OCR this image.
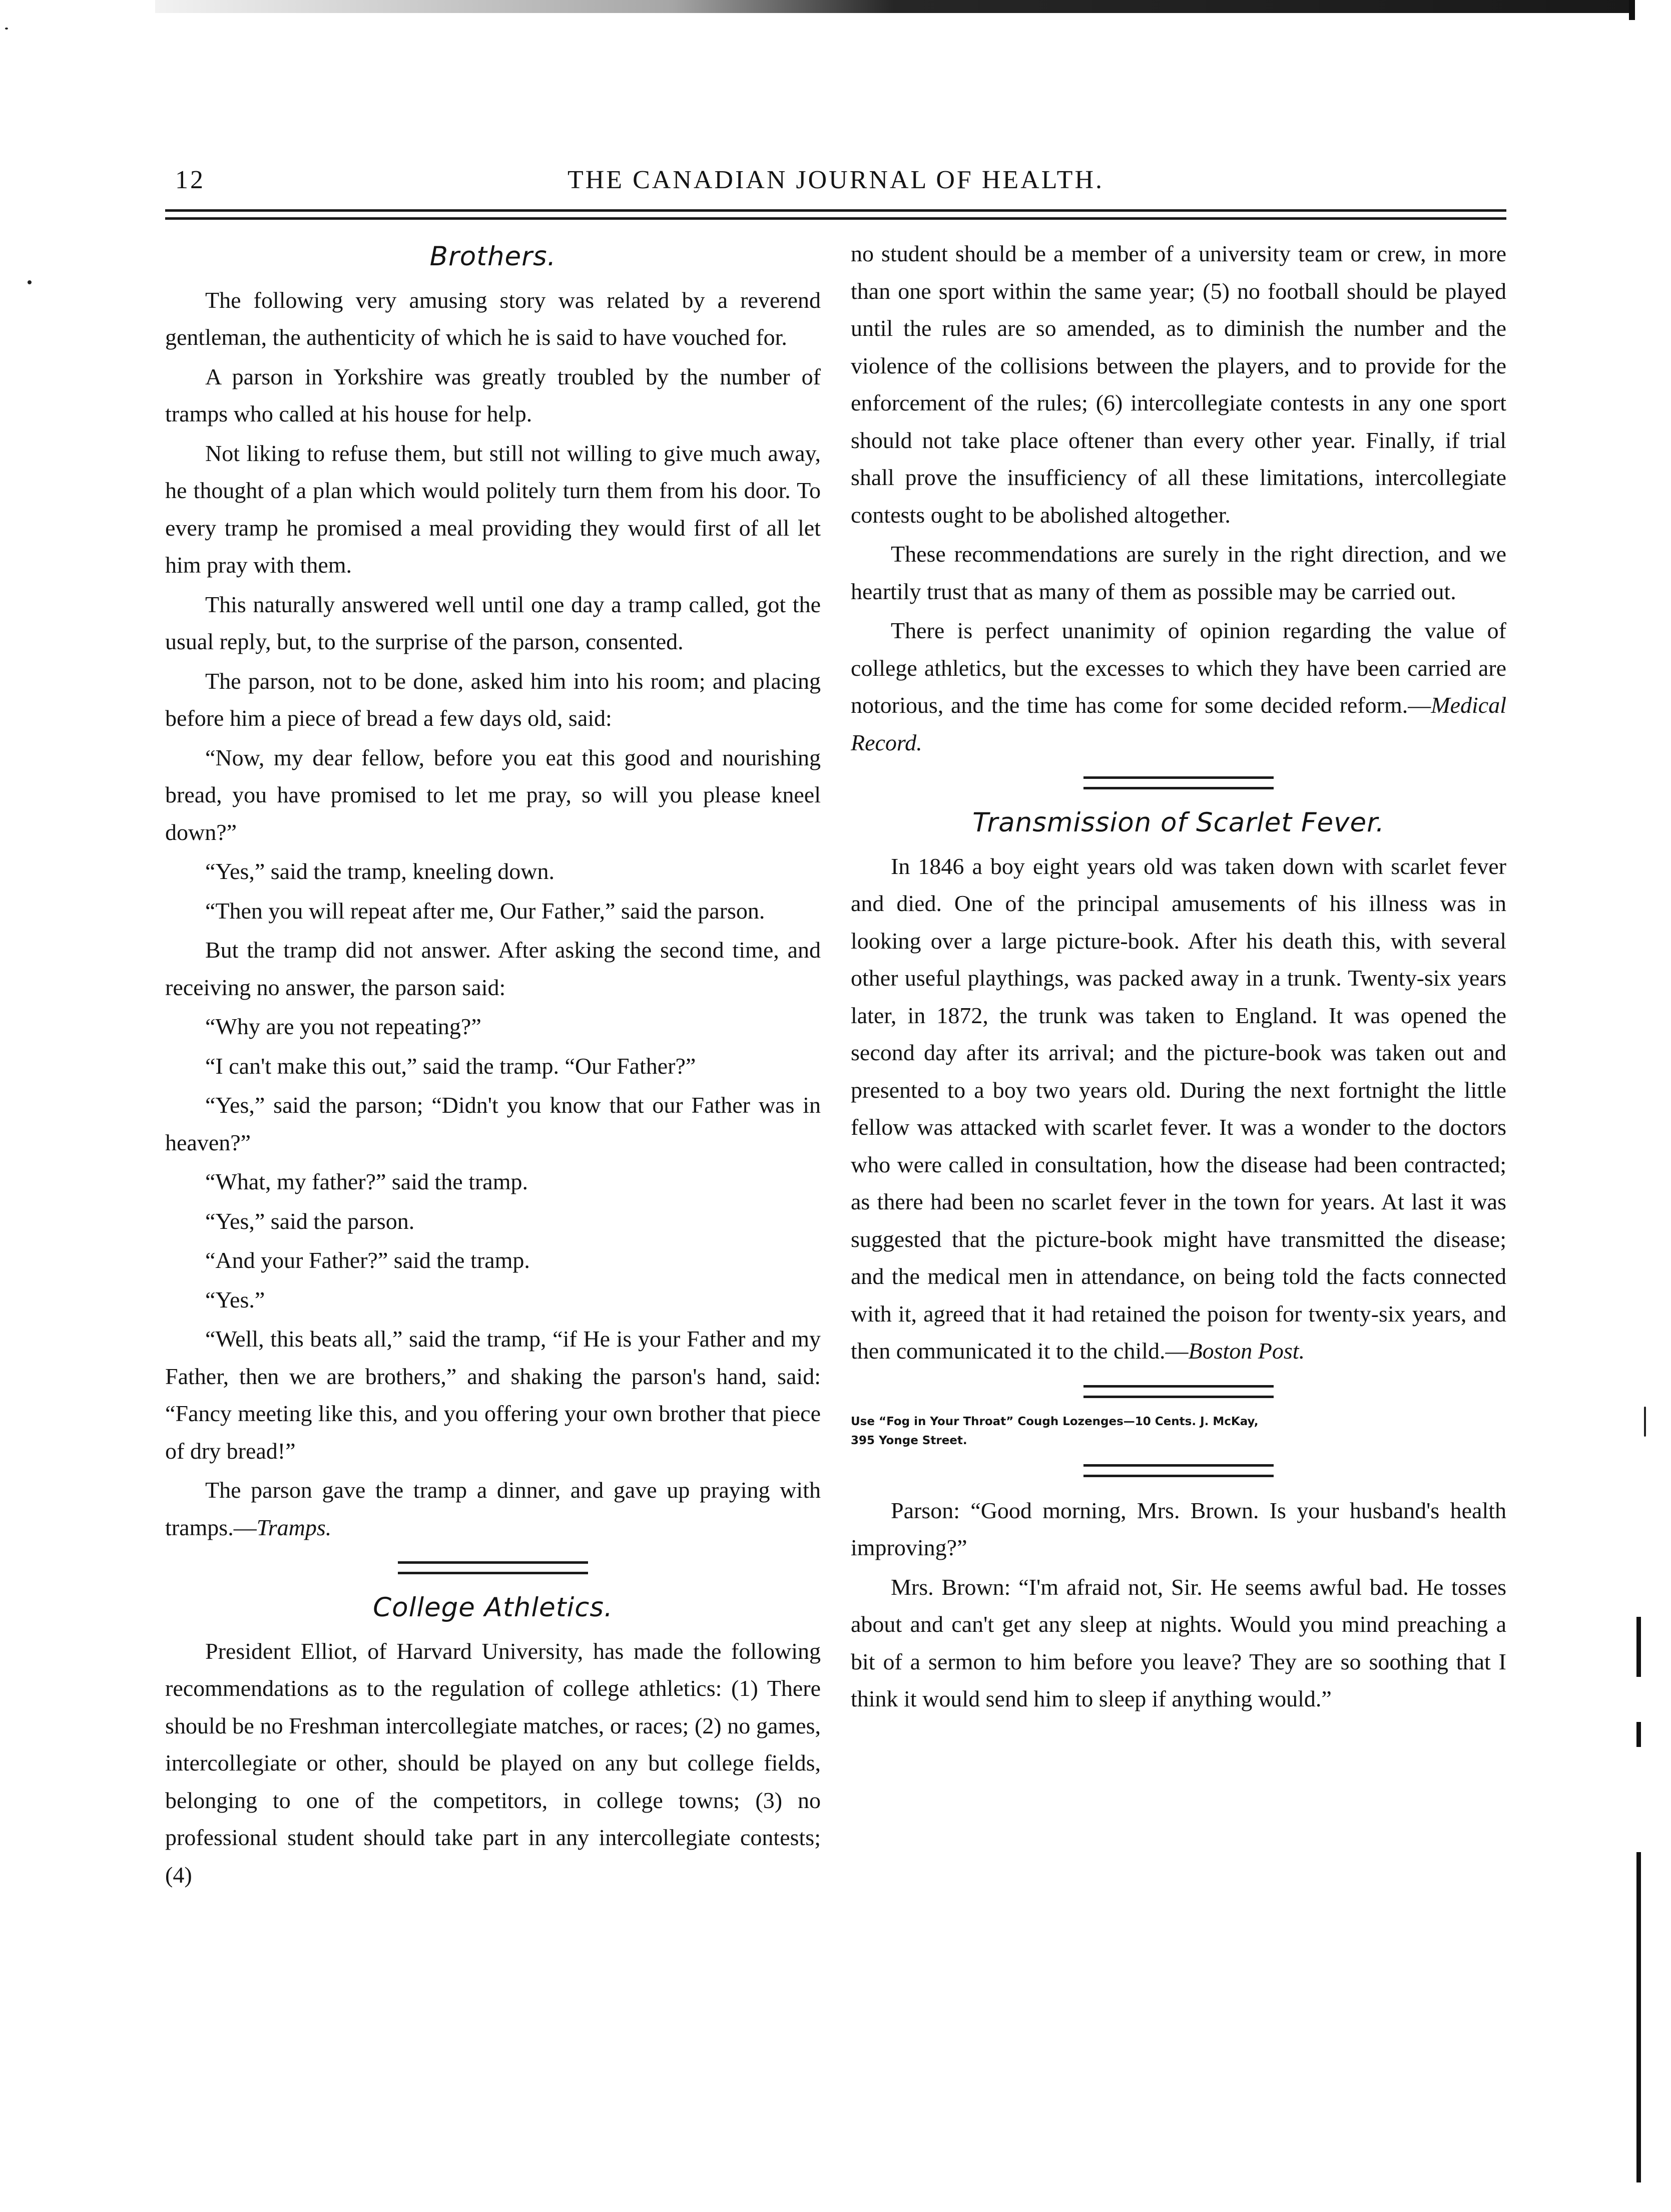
12	THE CANADIAN JOURNAL OF HEALTH.
Brothers.

The following very amusing story was related by a reverend gentleman, the authenticity of which he is said to have vouched for.

A parson in Yorkshire was greatly troubled by the number of tramps who called at his house for help.

Not liking to refuse them, but still not willing to give much away, he thought of a plan which would politely turn them from his door. To every tramp he promised a meal providing they would first of all let him pray with them.

This naturally answered well until one day a tramp called, got the usual reply, but, to the surprise of the parson, consented.

The parson, not to be done, asked him into his room; and placing before him a piece of bread a few days old, said:

“Now, my dear fellow, before you eat this good and nourishing bread, you have promised to let me pray, so will you please kneel down?”

“Yes,” said the tramp, kneeling down.

“Then you will repeat after me, Our Father,” said the parson.

But the tramp did not answer. After asking the second time, and receiving no answer, the parson said:

“Why are you not repeating?”

“I can't make this out,” said the tramp. “Our Father?”

“Yes,” said the parson; “Didn't you know that our Father was in heaven?”

“What, my father?” said the tramp.

“Yes,” said the parson.

“And your Father?” said the tramp.

“Yes.”

“Well, this beats all,” said the tramp, “if He is your Father and my Father, then we are brothers,” and shaking the parson's hand, said: “Fancy meeting like this, and you offering your own brother that piece of dry bread!”

The parson gave the tramp a dinner, and gave up praying with tramps.—Tramps.

College Athletics.

President Elliot, of Harvard University, has made the following recommendations as to the regulation of college athletics: (1) There should be no Freshman intercollegiate matches, or races; (2) no games, intercollegiate or other, should be played on any but college fields, belonging to one of the competitors, in college towns; (3) no professional student should take part in any intercollegiate contests; (4)

no student should be a member of a university team or crew, in more than one sport within the same year; (5) no football should be played until the rules are so amended, as to diminish the number and the violence of the collisions between the players, and to provide for the enforcement of the rules; (6) intercollegiate contests in any one sport should not take place oftener than every other year. Finally, if trial shall prove the insufficiency of all these limitations, intercollegiate contests ought to be abolished altogether.

These recommendations are surely in the right direction, and we heartily trust that as many of them as possible may be carried out.

There is perfect unanimity of opinion regarding the value of college athletics, but the excesses to which they have been carried are notorious, and the time has come for some decided reform.—Medical Record.

Transmission of Scarlet Fever.

In 1846 a boy eight years old was taken down with scarlet fever and died. One of the principal amusements of his illness was in looking over a large picture-book. After his death this, with several other useful playthings, was packed away in a trunk. Twenty-six years later, in 1872, the trunk was taken to England. It was opened the second day after its arrival; and the picture-book was taken out and presented to a boy two years old. During the next fortnight the little fellow was attacked with scarlet fever. It was a wonder to the doctors who were called in consultation, how the disease had been contracted; as there had been no scarlet fever in the town for years. At last it was suggested that the picture-book might have transmitted the disease; and the medical men in attendance, on being told the facts connected with it, agreed that it had retained the poison for twenty-six years, and then communicated it to the child.—Boston Post.

Use “Fog in Your Throat” Cough Lozenges—10 Cents. J. McKay,

395 Yonge Street.

Parson: “Good morning, Mrs. Brown. Is your husband's health improving?”

Mrs. Brown: “I'm afraid not, Sir. He seems awful bad. He tosses about and can't get any sleep at nights. Would you mind preaching a bit of a sermon to him before you leave? They are so soothing that I think it would send him to sleep if anything would.”
